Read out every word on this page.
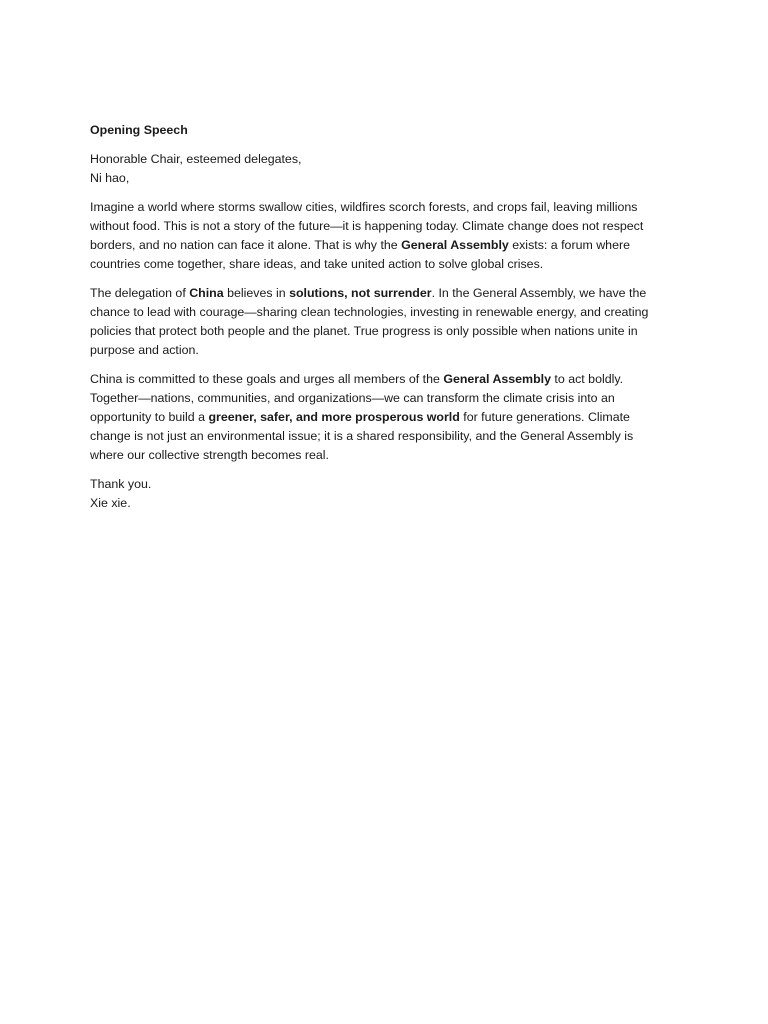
Opening Speech
Honorable Chair, esteemed delegates,
Ni hao,
Imagine a world where storms swallow cities, wildfires scorch forests, and crops fail, leaving millions without food. This is not a story of the future—it is happening today. Climate change does not respect borders, and no nation can face it alone. That is why the General Assembly exists: a forum where countries come together, share ideas, and take united action to solve global crises.
The delegation of China believes in solutions, not surrender. In the General Assembly, we have the chance to lead with courage—sharing clean technologies, investing in renewable energy, and creating policies that protect both people and the planet. True progress is only possible when nations unite in purpose and action.
China is committed to these goals and urges all members of the General Assembly to act boldly. Together—nations, communities, and organizations—we can transform the climate crisis into an opportunity to build a greener, safer, and more prosperous world for future generations. Climate change is not just an environmental issue; it is a shared responsibility, and the General Assembly is where our collective strength becomes real.
Thank you.
Xie xie.
